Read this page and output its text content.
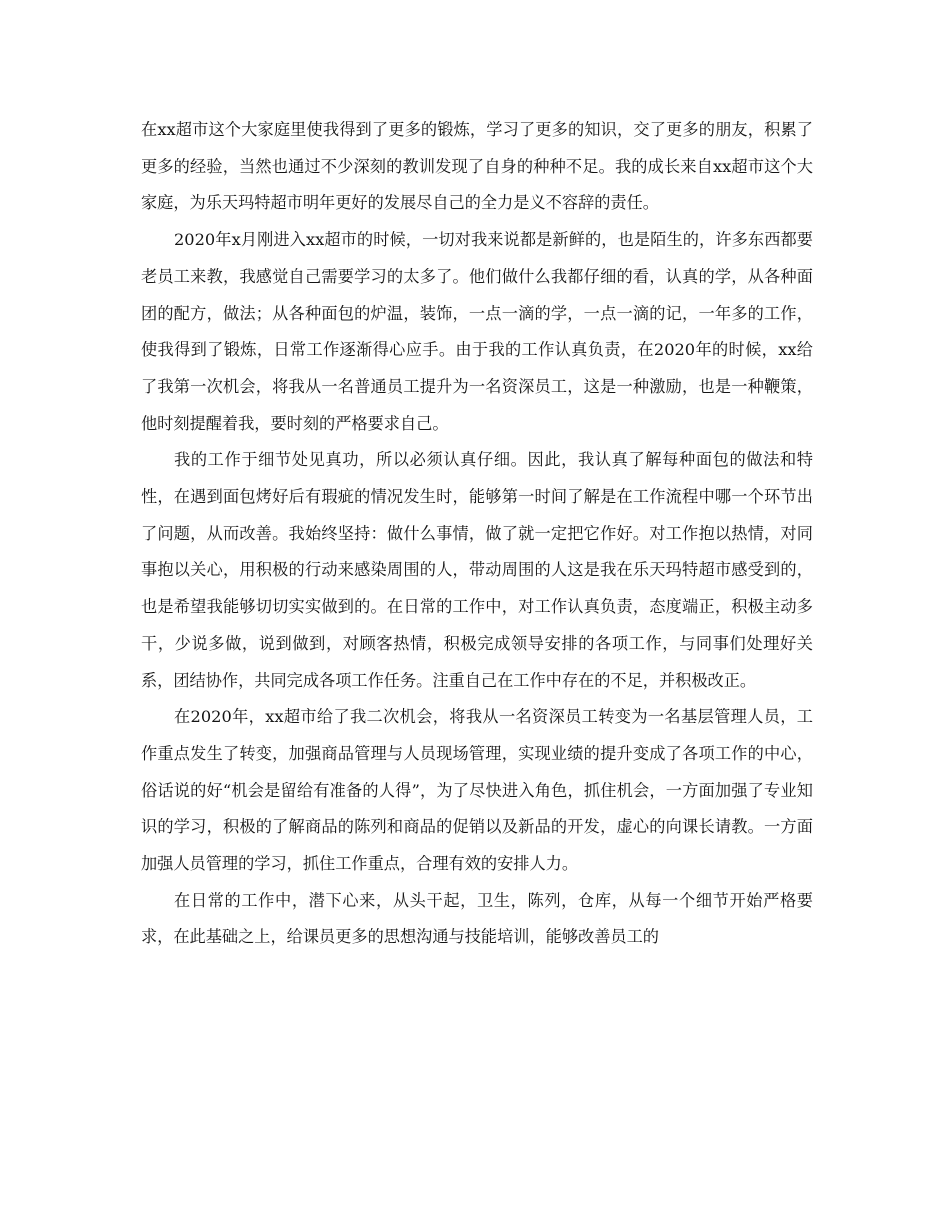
在xx超市这个大家庭里使我得到了更多的锻炼，学习了更多的知识，交了更多的朋友，积累了更多的经验，当然也通过不少深刻的教训发现了自身的种种不足。我的成长来自xx超市这个大家庭，为乐天玛特超市明年更好的发展尽自己的全力是义不容辞的责任。

2020年x月刚进入xx超市的时候，一切对我来说都是新鲜的，也是陌生的，许多东西都要老员工来教，我感觉自己需要学习的太多了。他们做什么我都仔细的看，认真的学，从各种面团的配方，做法；从各种面包的炉温，装饰，一点一滴的学，一点一滴的记，一年多的工作，使我得到了锻炼，日常工作逐渐得心应手。由于我的工作认真负责，在2020年的时候，xx给了我第一次机会，将我从一名普通员工提升为一名资深员工，这是一种激励，也是一种鞭策，他时刻提醒着我，要时刻的严格要求自己。

我的工作于细节处见真功，所以必须认真仔细。因此，我认真了解每种面包的做法和特性，在遇到面包烤好后有瑕疵的情况发生时，能够第一时间了解是在工作流程中哪一个环节出了问题，从而改善。我始终坚持：做什么事情，做了就一定把它作好。对工作抱以热情，对同事抱以关心，用积极的行动来感染周围的人，带动周围的人这是我在乐天玛特超市感受到的，也是希望我能够切切实实做到的。在日常的工作中，对工作认真负责，态度端正，积极主动多干，少说多做，说到做到，对顾客热情，积极完成领导安排的各项工作，与同事们处理好关系，团结协作，共同完成各项工作任务。注重自己在工作中存在的不足，并积极改正。

在2020年，xx超市给了我二次机会，将我从一名资深员工转变为一名基层管理人员，工作重点发生了转变，加强商品管理与人员现场管理，实现业绩的提升变成了各项工作的中心，俗话说的好“机会是留给有准备的人得”，为了尽快进入角色，抓住机会，一方面加强了专业知识的学习，积极的了解商品的陈列和商品的促销以及新品的开发，虚心的向课长请教。一方面加强人员管理的学习，抓住工作重点，合理有效的安排人力。

在日常的工作中，潜下心来，从头干起，卫生，陈列，仓库，从每一个细节开始严格要求，在此基础之上，给课员更多的思想沟通与技能培训，能够改善员工的
